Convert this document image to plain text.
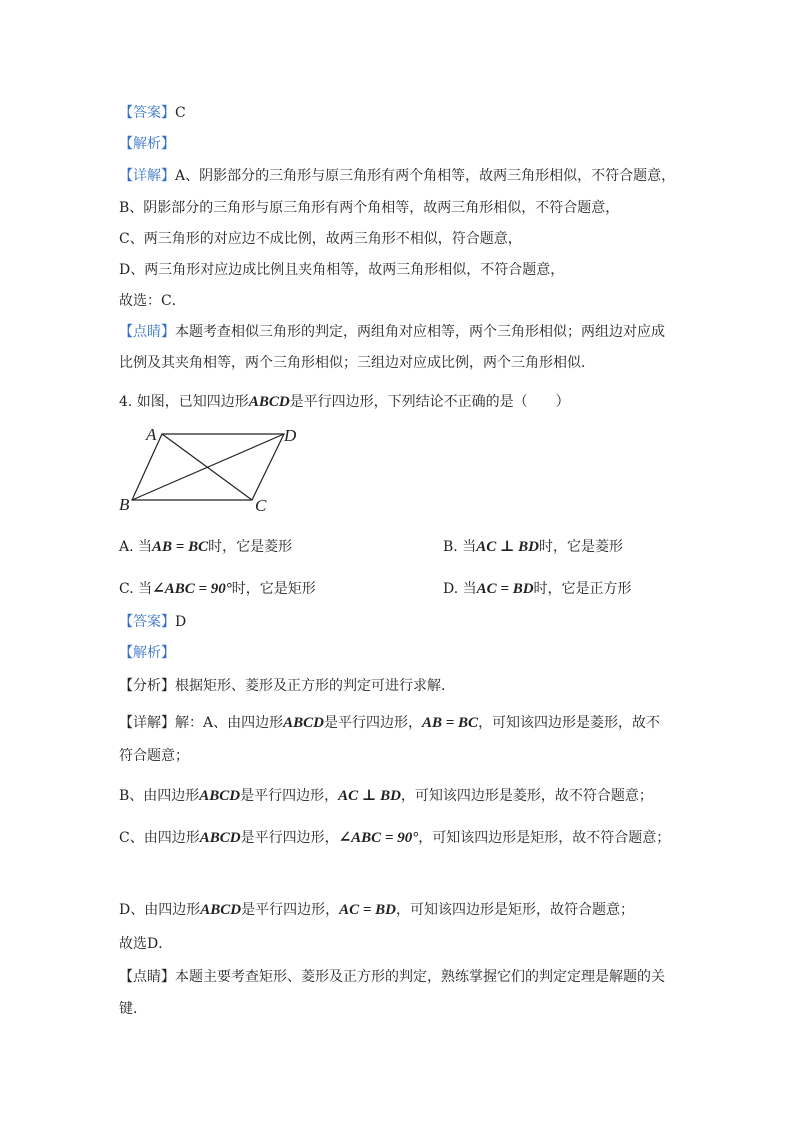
【答案】C
【解析】
【详解】A、阴影部分的三角形与原三角形有两个角相等，故两三角形相似，不符合题意，
B、阴影部分的三角形与原三角形有两个角相等，故两三角形相似，不符合题意，
C、两三角形的对应边不成比例，故两三角形不相似，符合题意，
D、两三角形对应边成比例且夹角相等，故两三角形相似，不符合题意，
故选：C．
【点睛】本题考查相似三角形的判定，两组角对应相等，两个三角形相似；两组边对应成
比例及其夹角相等，两个三角形相似；三组边对应成比例，两个三角形相似．
4. 如图，已知四边形ABCD是平行四边形，下列结论不正确的是（　　）
A	D
B	C
A. 当AB = BC时，它是菱形	B. 当AC ⊥ BD时，它是菱形
C. 当∠ABC = 90°时，它是矩形	D. 当AC = BD时，它是正方形
【答案】D
【解析】
【分析】根据矩形、菱形及正方形的判定可进行求解．
【详解】解：A、由四边形ABCD是平行四边形，AB = BC，可知该四边形是菱形，故不
符合题意；
B、由四边形ABCD是平行四边形，AC ⊥ BD，可知该四边形是菱形，故不符合题意；
C、由四边形ABCD是平行四边形，∠ABC = 90°，可知该四边形是矩形，故不符合题意；
D、由四边形ABCD是平行四边形，AC = BD，可知该四边形是矩形，故符合题意；
故选D．
【点睛】本题主要考查矩形、菱形及正方形的判定，熟练掌握它们的判定定理是解题的关
键．
